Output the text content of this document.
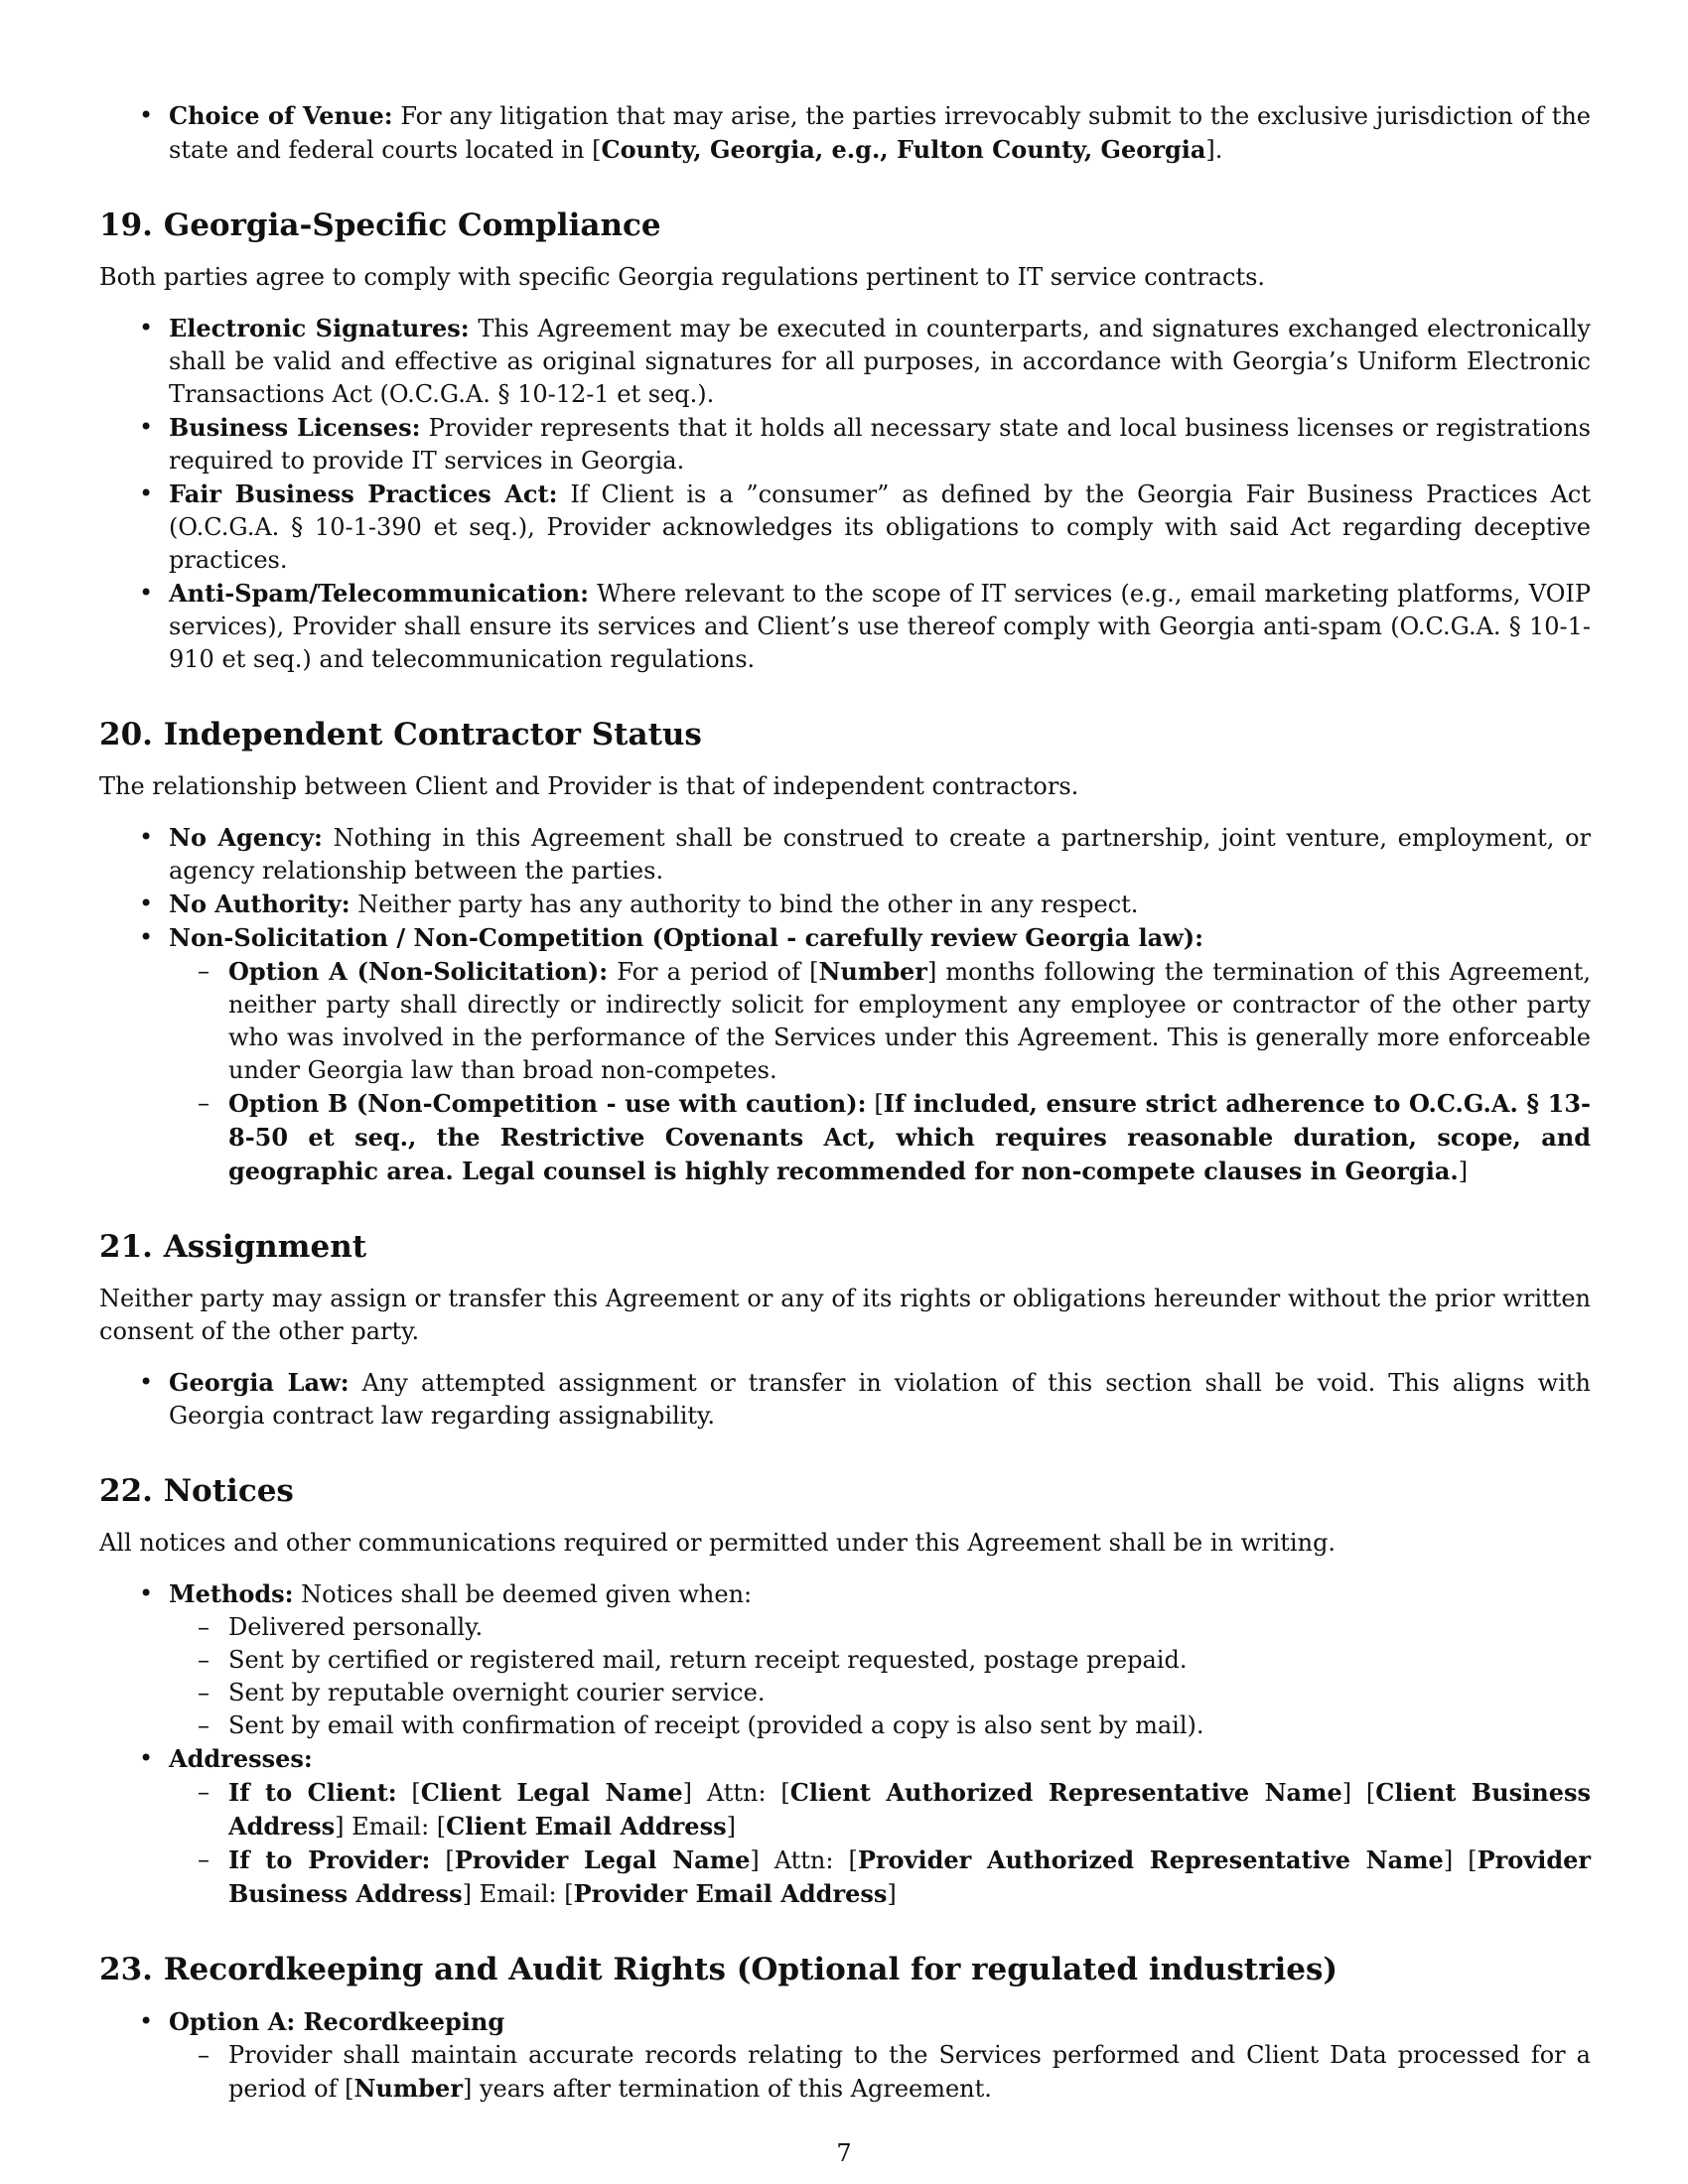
• Choice of Venue: For any litigation that may arise, the parties irrevocably submit to the exclusive jurisdiction of the state and federal courts located in [County, Georgia, e.g., Fulton County, Georgia].
19. Georgia-Specific Compliance

Both parties agree to comply with specific Georgia regulations pertinent to IT service contracts.

• Electronic Signatures: This Agreement may be executed in counterparts, and signatures exchanged electronically shall be valid and effective as original signatures for all purposes, in accordance with Georgia’s Uniform Electronic Transactions Act (O.C.G.A. § 10-12-1 et seq.).
• Business Licenses: Provider represents that it holds all necessary state and local business licenses or registrations required to provide IT services in Georgia.
• Fair Business Practices Act: If Client is a ”consumer” as defined by the Georgia Fair Business Practices Act (O.C.G.A. § 10-1-390 et seq.), Provider acknowledges its obligations to comply with said Act regarding deceptive practices.
• Anti-Spam/Telecommunication: Where relevant to the scope of IT services (e.g., email marketing platforms, VOIP services), Provider shall ensure its services and Client’s use thereof comply with Georgia anti-spam (O.C.G.A. § 10-1-910 et seq.) and telecommunication regulations.
20. Independent Contractor Status

The relationship between Client and Provider is that of independent contractors.

• No Agency: Nothing in this Agreement shall be construed to create a partnership, joint venture, employment, or agency relationship between the parties.
• No Authority: Neither party has any authority to bind the other in any respect.
• Non-Solicitation / Non-Competition (Optional - carefully review Georgia law):
– Option A (Non-Solicitation): For a period of [Number] months following the termination of this Agreement, neither party shall directly or indirectly solicit for employment any employee or contractor of the other party who was involved in the performance of the Services under this Agreement. This is generally more enforceable under Georgia law than broad non-competes.
– Option B (Non-Competition - use with caution): [If included, ensure strict adherence to O.C.G.A. § 13-8-50 et seq., the Restrictive Covenants Act, which requires reasonable duration, scope, and geographic area. Legal counsel is highly recommended for non-compete clauses in Georgia.]
21. Assignment

Neither party may assign or transfer this Agreement or any of its rights or obligations hereunder without the prior written consent of the other party.

• Georgia Law: Any attempted assignment or transfer in violation of this section shall be void. This aligns with Georgia contract law regarding assignability.
22. Notices

All notices and other communications required or permitted under this Agreement shall be in writing.

• Methods: Notices shall be deemed given when:
– Delivered personally.
– Sent by certified or registered mail, return receipt requested, postage prepaid.
– Sent by reputable overnight courier service.
– Sent by email with confirmation of receipt (provided a copy is also sent by mail).
• Addresses:
– If to Client: [Client Legal Name] Attn: [Client Authorized Representative Name] [Client Business Address] Email: [Client Email Address]
– If to Provider: [Provider Legal Name] Attn: [Provider Authorized Representative Name] [Provider Business Address] Email: [Provider Email Address]
23. Recordkeeping and Audit Rights (Optional for regulated industries)
• Option A: Recordkeeping
– Provider shall maintain accurate records relating to the Services performed and Client Data processed for a period of [Number] years after termination of this Agreement.
7
